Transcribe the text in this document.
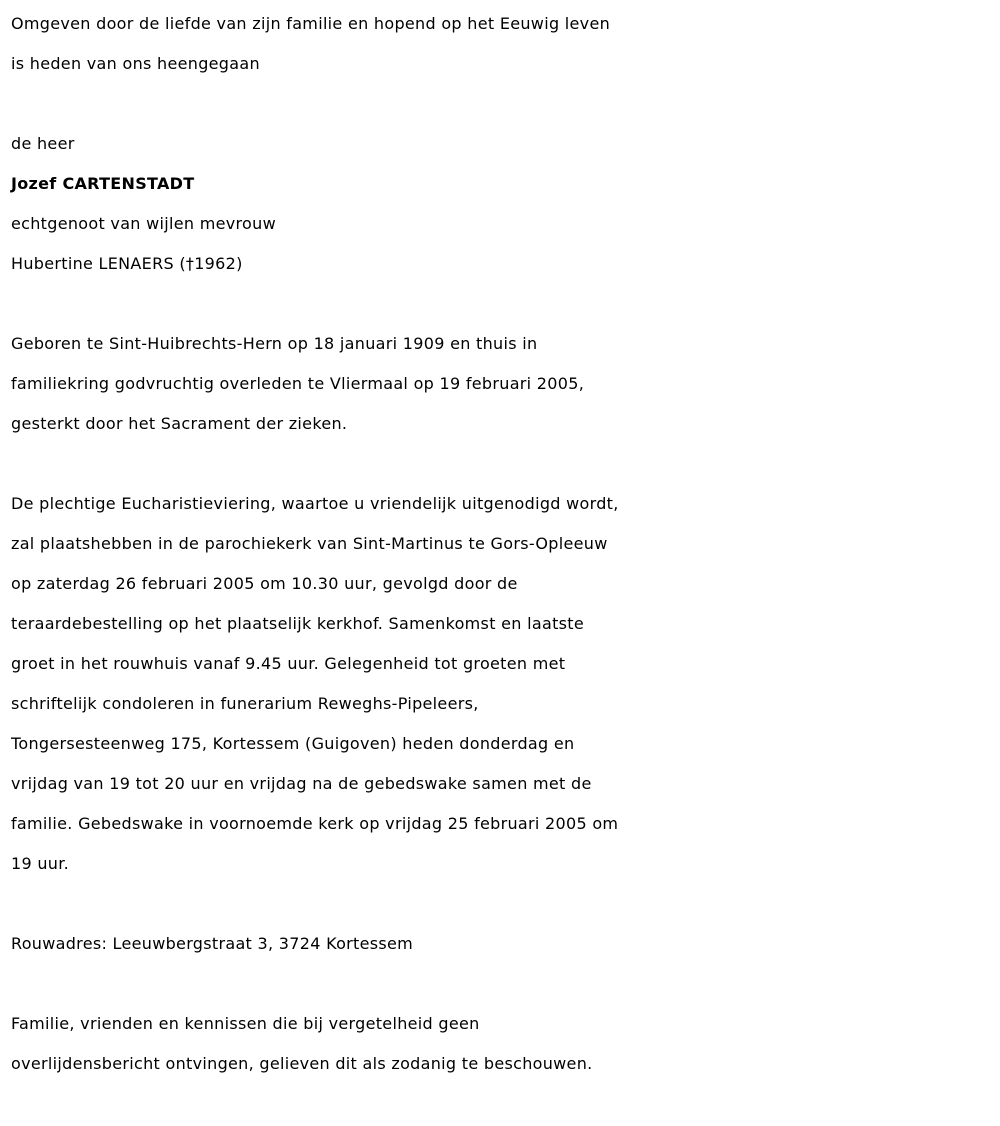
Omgeven door de liefde van zijn familie en hopend op het Eeuwig leven
is heden van ons heengegaan

de heer
Jozef CARTENSTADT
echtgenoot van wijlen mevrouw
Hubertine LENAERS (†1962)

Geboren te Sint-Huibrechts-Hern op 18 januari 1909 en thuis in
familiekring godvruchtig overleden te Vliermaal op 19 februari 2005,
gesterkt door het Sacrament der zieken.

De plechtige Eucharistieviering, waartoe u vriendelijk uitgenodigd wordt,
zal plaatshebben in de parochiekerk van Sint-Martinus te Gors-Opleeuw
op zaterdag 26 februari 2005 om 10.30 uur, gevolgd door de
teraardebestelling op het plaatselijk kerkhof. Samenkomst en laatste
groet in het rouwhuis vanaf 9.45 uur. Gelegenheid tot groeten met
schriftelijk condoleren in funerarium Reweghs-Pipeleers,
Tongersesteenweg 175, Kortessem (Guigoven) heden donderdag en
vrijdag van 19 tot 20 uur en vrijdag na de gebedswake samen met de
familie. Gebedswake in voornoemde kerk op vrijdag 25 februari 2005 om
19 uur.

Rouwadres: Leeuwbergstraat 3, 3724 Kortessem

Familie, vrienden en kennissen die bij vergetelheid geen
overlijdensbericht ontvingen, gelieven dit als zodanig te beschouwen.
